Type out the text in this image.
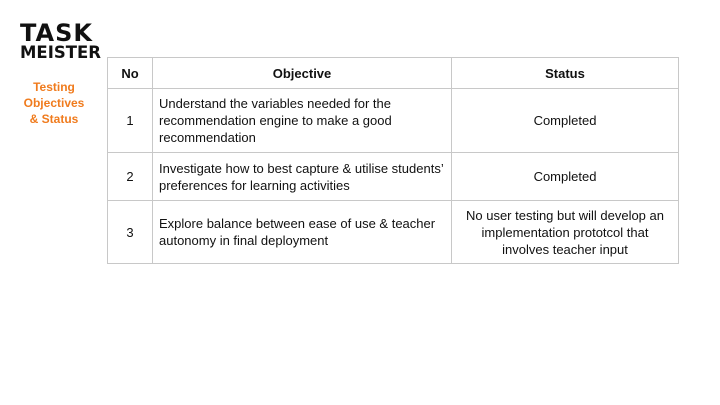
TASK
MEISTER
Testing
Objectives
& Status
No	Objective	Status
1	Understand the variables needed for the recommendation engine to make a good recommendation	Completed
2	Investigate how to best capture & utilise students’ preferences for learning activities	Completed
3	Explore balance between ease of use & teacher autonomy in final deployment	No user testing but will develop an implementation prototcol that involves teacher input
